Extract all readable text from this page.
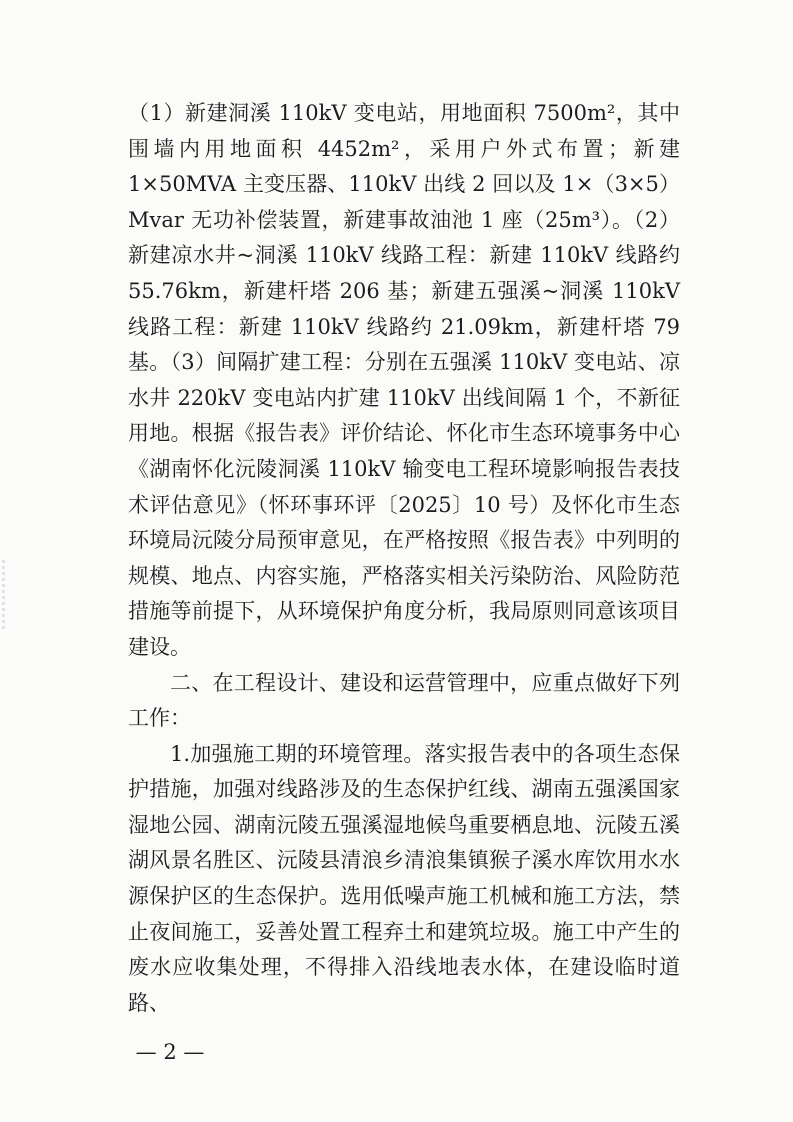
（1）新建洞溪 110kV 变电站，用地面积 7500m²，其中围墙内用地面积 4452m²，采用户外式布置；新建 1×50MVA 主变压器、110kV 出线 2 回以及 1×（3×5）Mvar 无功补偿装置，新建事故油池 1 座（25m³）。（2）新建凉水井~洞溪 110kV 线路工程：新建 110kV 线路约 55.76km，新建杆塔 206 基；新建五强溪~洞溪 110kV 线路工程：新建 110kV 线路约 21.09km，新建杆塔 79 基。（3）间隔扩建工程：分别在五强溪 110kV 变电站、凉水井 220kV 变电站内扩建 110kV 出线间隔 1 个，不新征用地。根据《报告表》评价结论、怀化市生态环境事务中心《湖南怀化沅陵洞溪 110kV 输变电工程环境影响报告表技术评估意见》（怀环事环评〔2025〕10 号）及怀化市生态环境局沅陵分局预审意见，在严格按照《报告表》中列明的规模、地点、内容实施，严格落实相关污染防治、风险防范措施等前提下，从环境保护角度分析，我局原则同意该项目建设。

二、在工程设计、建设和运营管理中，应重点做好下列工作：

1.加强施工期的环境管理。落实报告表中的各项生态保护措施，加强对线路涉及的生态保护红线、湖南五强溪国家湿地公园、湖南沅陵五强溪湿地候鸟重要栖息地、沅陵五溪湖风景名胜区、沅陵县清浪乡清浪集镇猴子溪水库饮用水水源保护区的生态保护。选用低噪声施工机械和施工方法，禁止夜间施工，妥善处置工程弃土和建筑垃圾。施工中产生的废水应收集处理，不得排入沿线地表水体，在建设临时道路、

— 2 —
